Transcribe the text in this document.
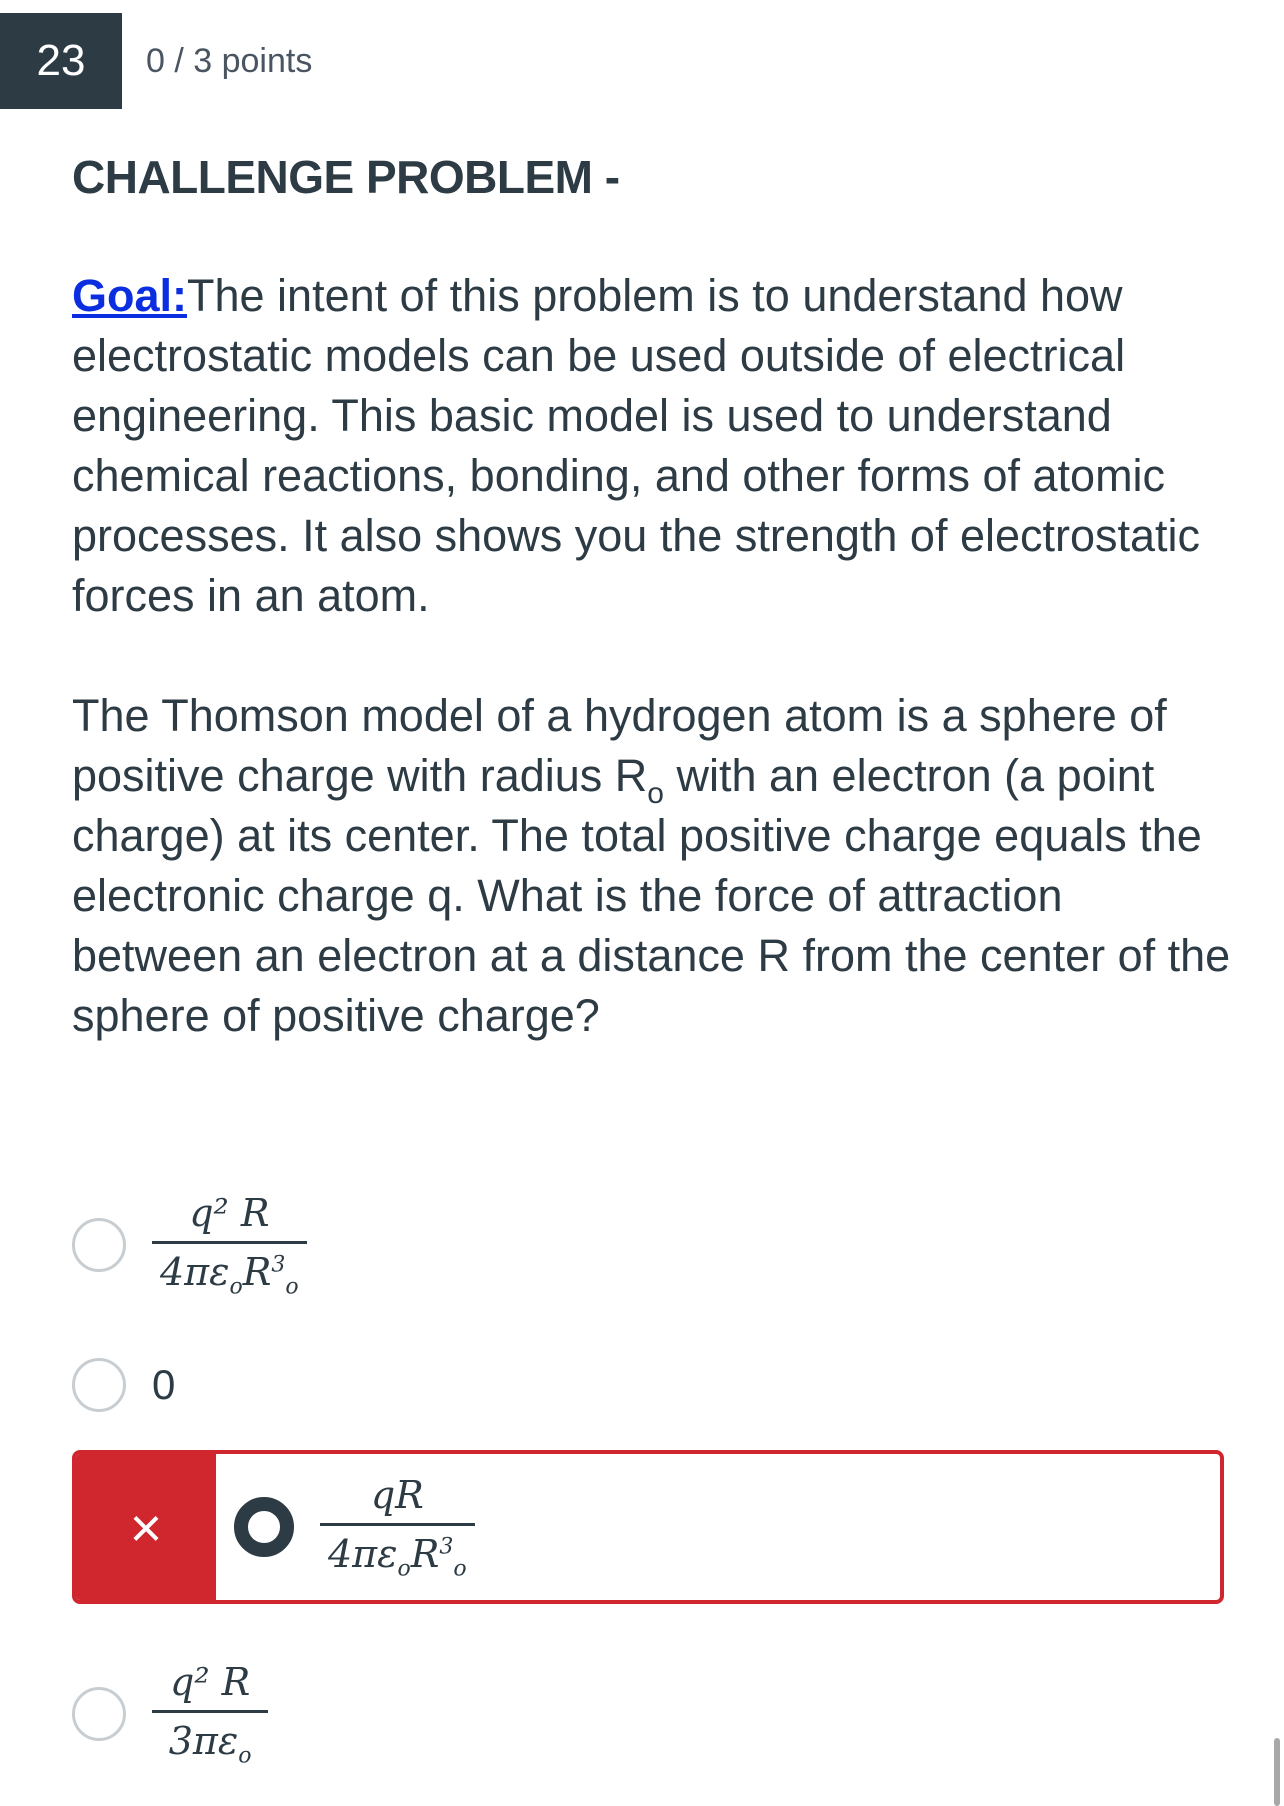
23	0 / 3 points
CHALLENGE PROBLEM -

Goal:The intent of this problem is to understand how electrostatic models can be used outside of electrical engineering. This basic model is used to understand chemical reactions, bonding, and other forms of atomic processes. It also shows you the strength of electrostatic forces in an atom.

The Thomson model of a hydrogen atom is a sphere of positive charge with radius $R_o$ with an electron (a point charge) at its center. The total positive charge equals the electronic charge q. What is the force of attraction between an electron at a distance R from the center of the sphere of positive charge?

$\frac{\text{q² R}}{4\pi\varepsilon_oR^3_o}$
0
×	$\frac{qR}{4\pi\varepsilon_oR^3_o}$
$\frac{\text{q² R}}{3\pi\varepsilon_o}$
